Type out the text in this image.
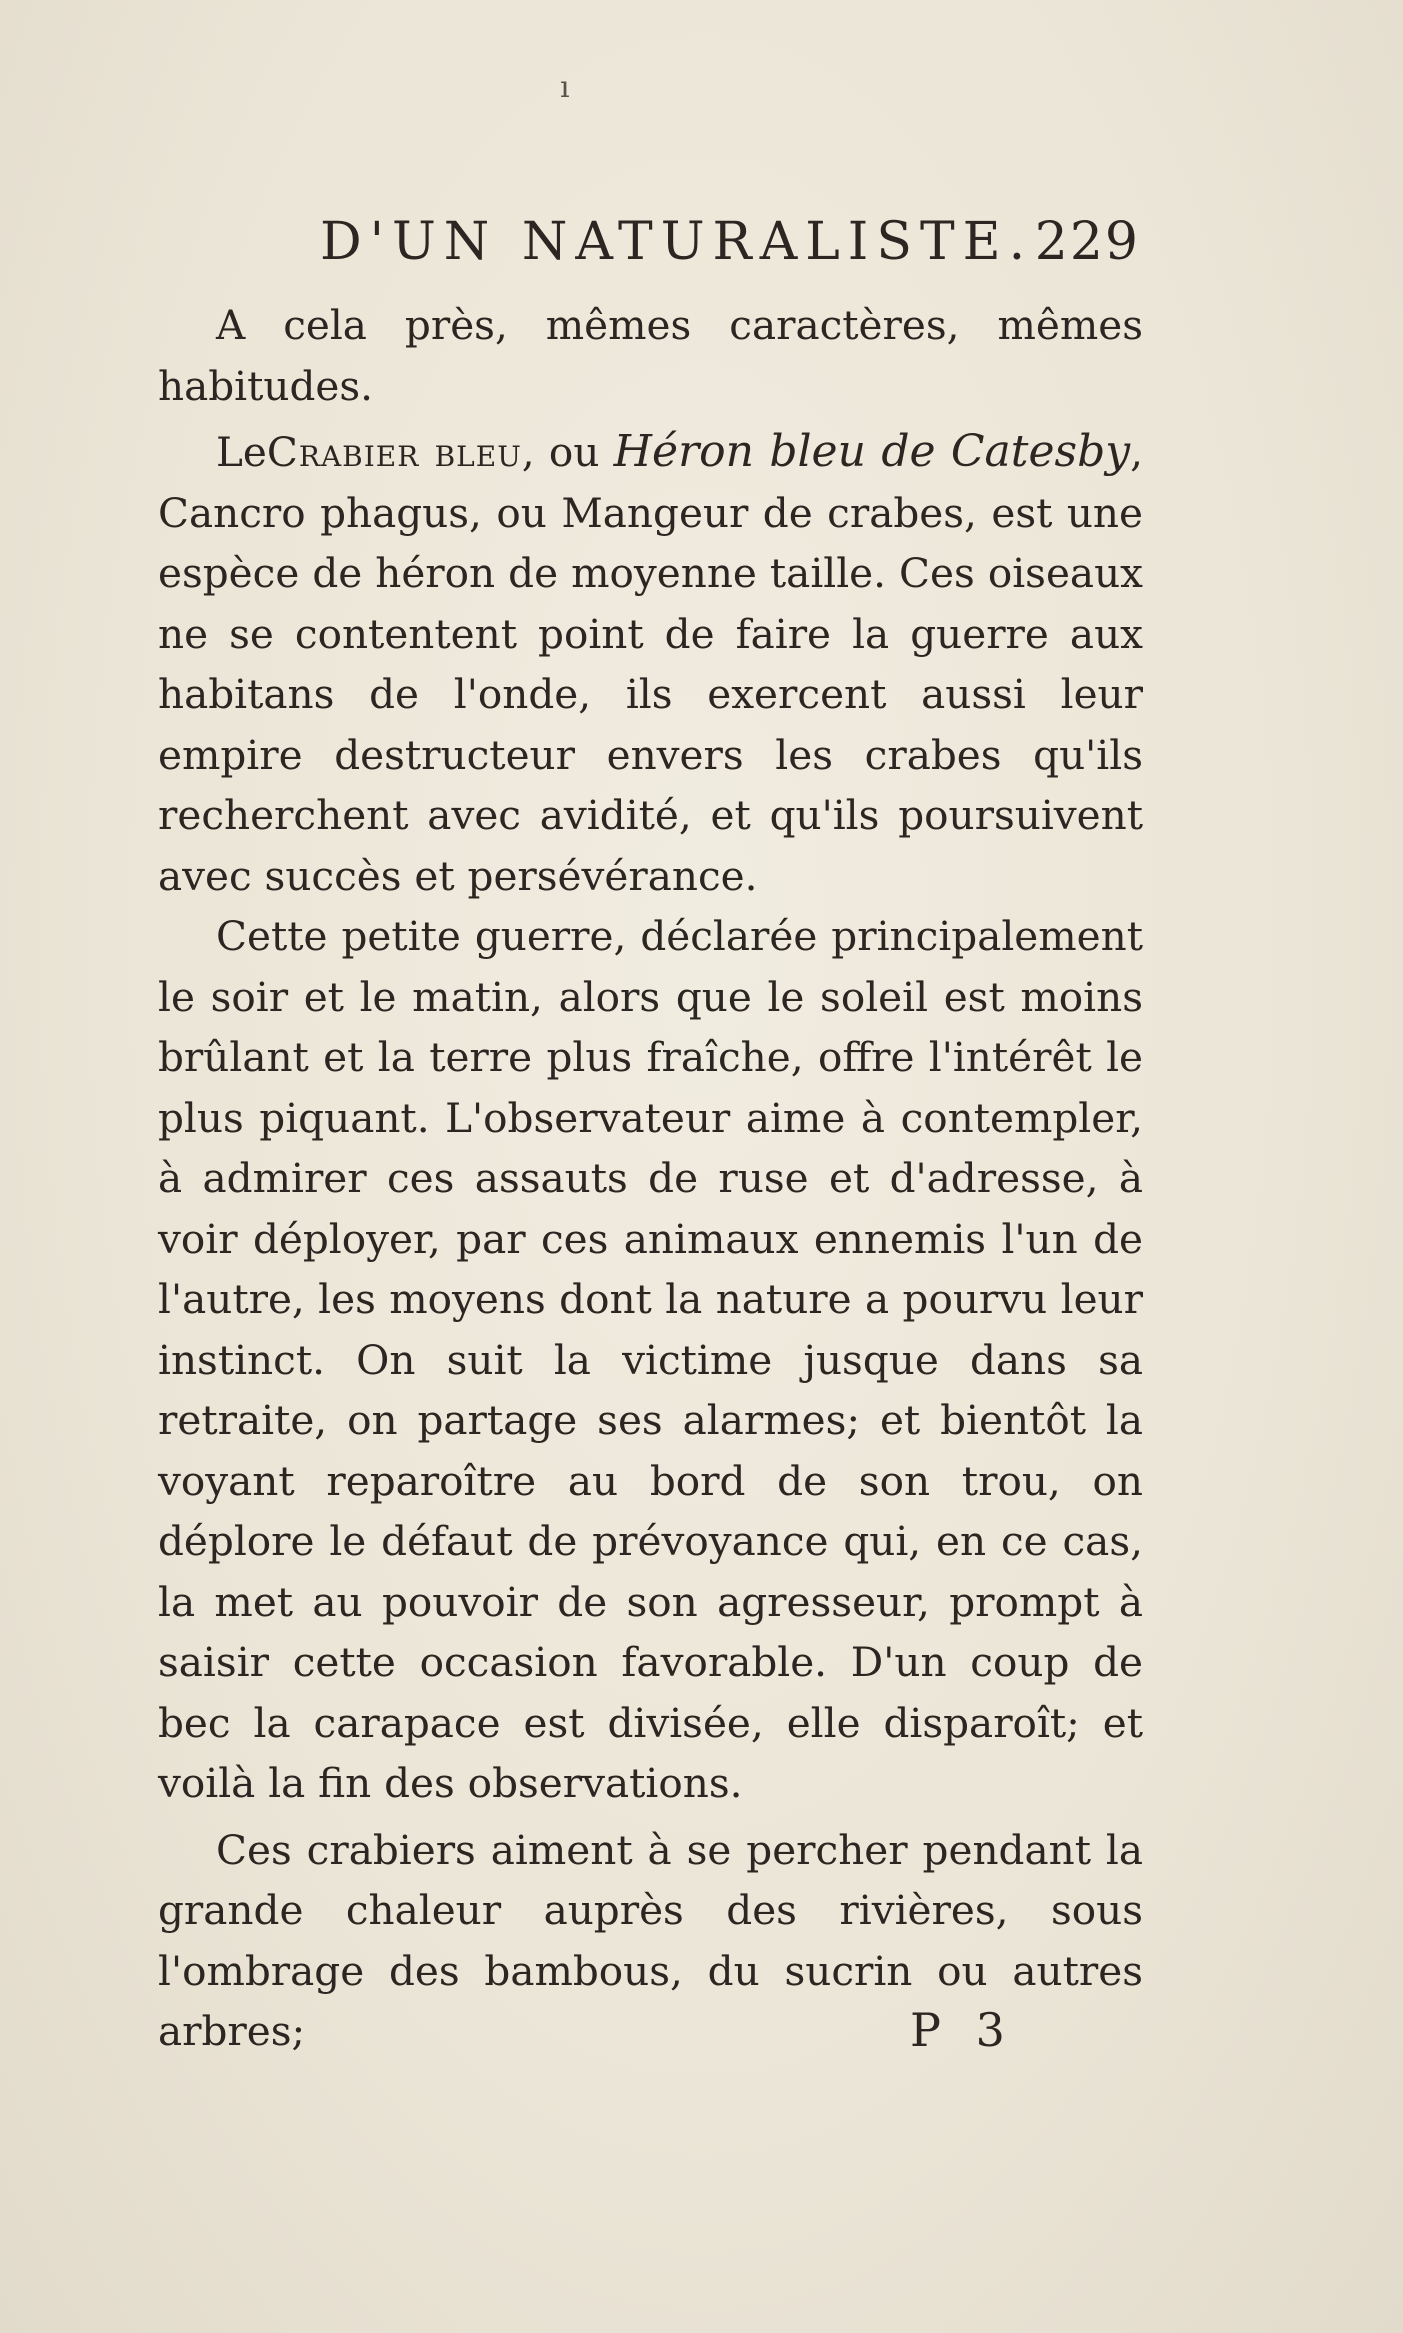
ı
D'UN NATURALISTE. 229

A cela près, mêmes caractères, mêmes habitudes.

LeCrabier bleu, ou Héron bleu de Catesby, Cancro phagus, ou Mangeur de crabes, est une espèce de héron de moyenne taille. Ces oiseaux ne se contentent point de faire la guerre aux habitans de l'onde, ils exercent aussi leur empire destructeur envers les crabes qu'ils recherchent avec avidité, et qu'ils poursuivent avec succès et persévérance.

Cette petite guerre, déclarée principalement le soir et le matin, alors que le soleil est moins brûlant et la terre plus fraîche, offre l'intérêt le plus piquant. L'observateur aime à contempler, à admirer ces assauts de ruse et d'adresse, à voir déployer, par ces animaux ennemis l'un de l'autre, les moyens dont la nature a pourvu leur instinct. On suit la victime jusque dans sa retraite, on partage ses alarmes; et bientôt la voyant reparoître au bord de son trou, on déplore le défaut de prévoyance qui, en ce cas, la met au pouvoir de son agresseur, prompt à saisir cette occasion favorable. D'un coup de bec la carapace est divisée, elle disparoît; et voilà la fin des observations.

Ces crabiers aiment à se percher pendant la grande chaleur auprès des rivières, sous l'ombrage des bambous, du sucrin ou autres arbres;	P 3
